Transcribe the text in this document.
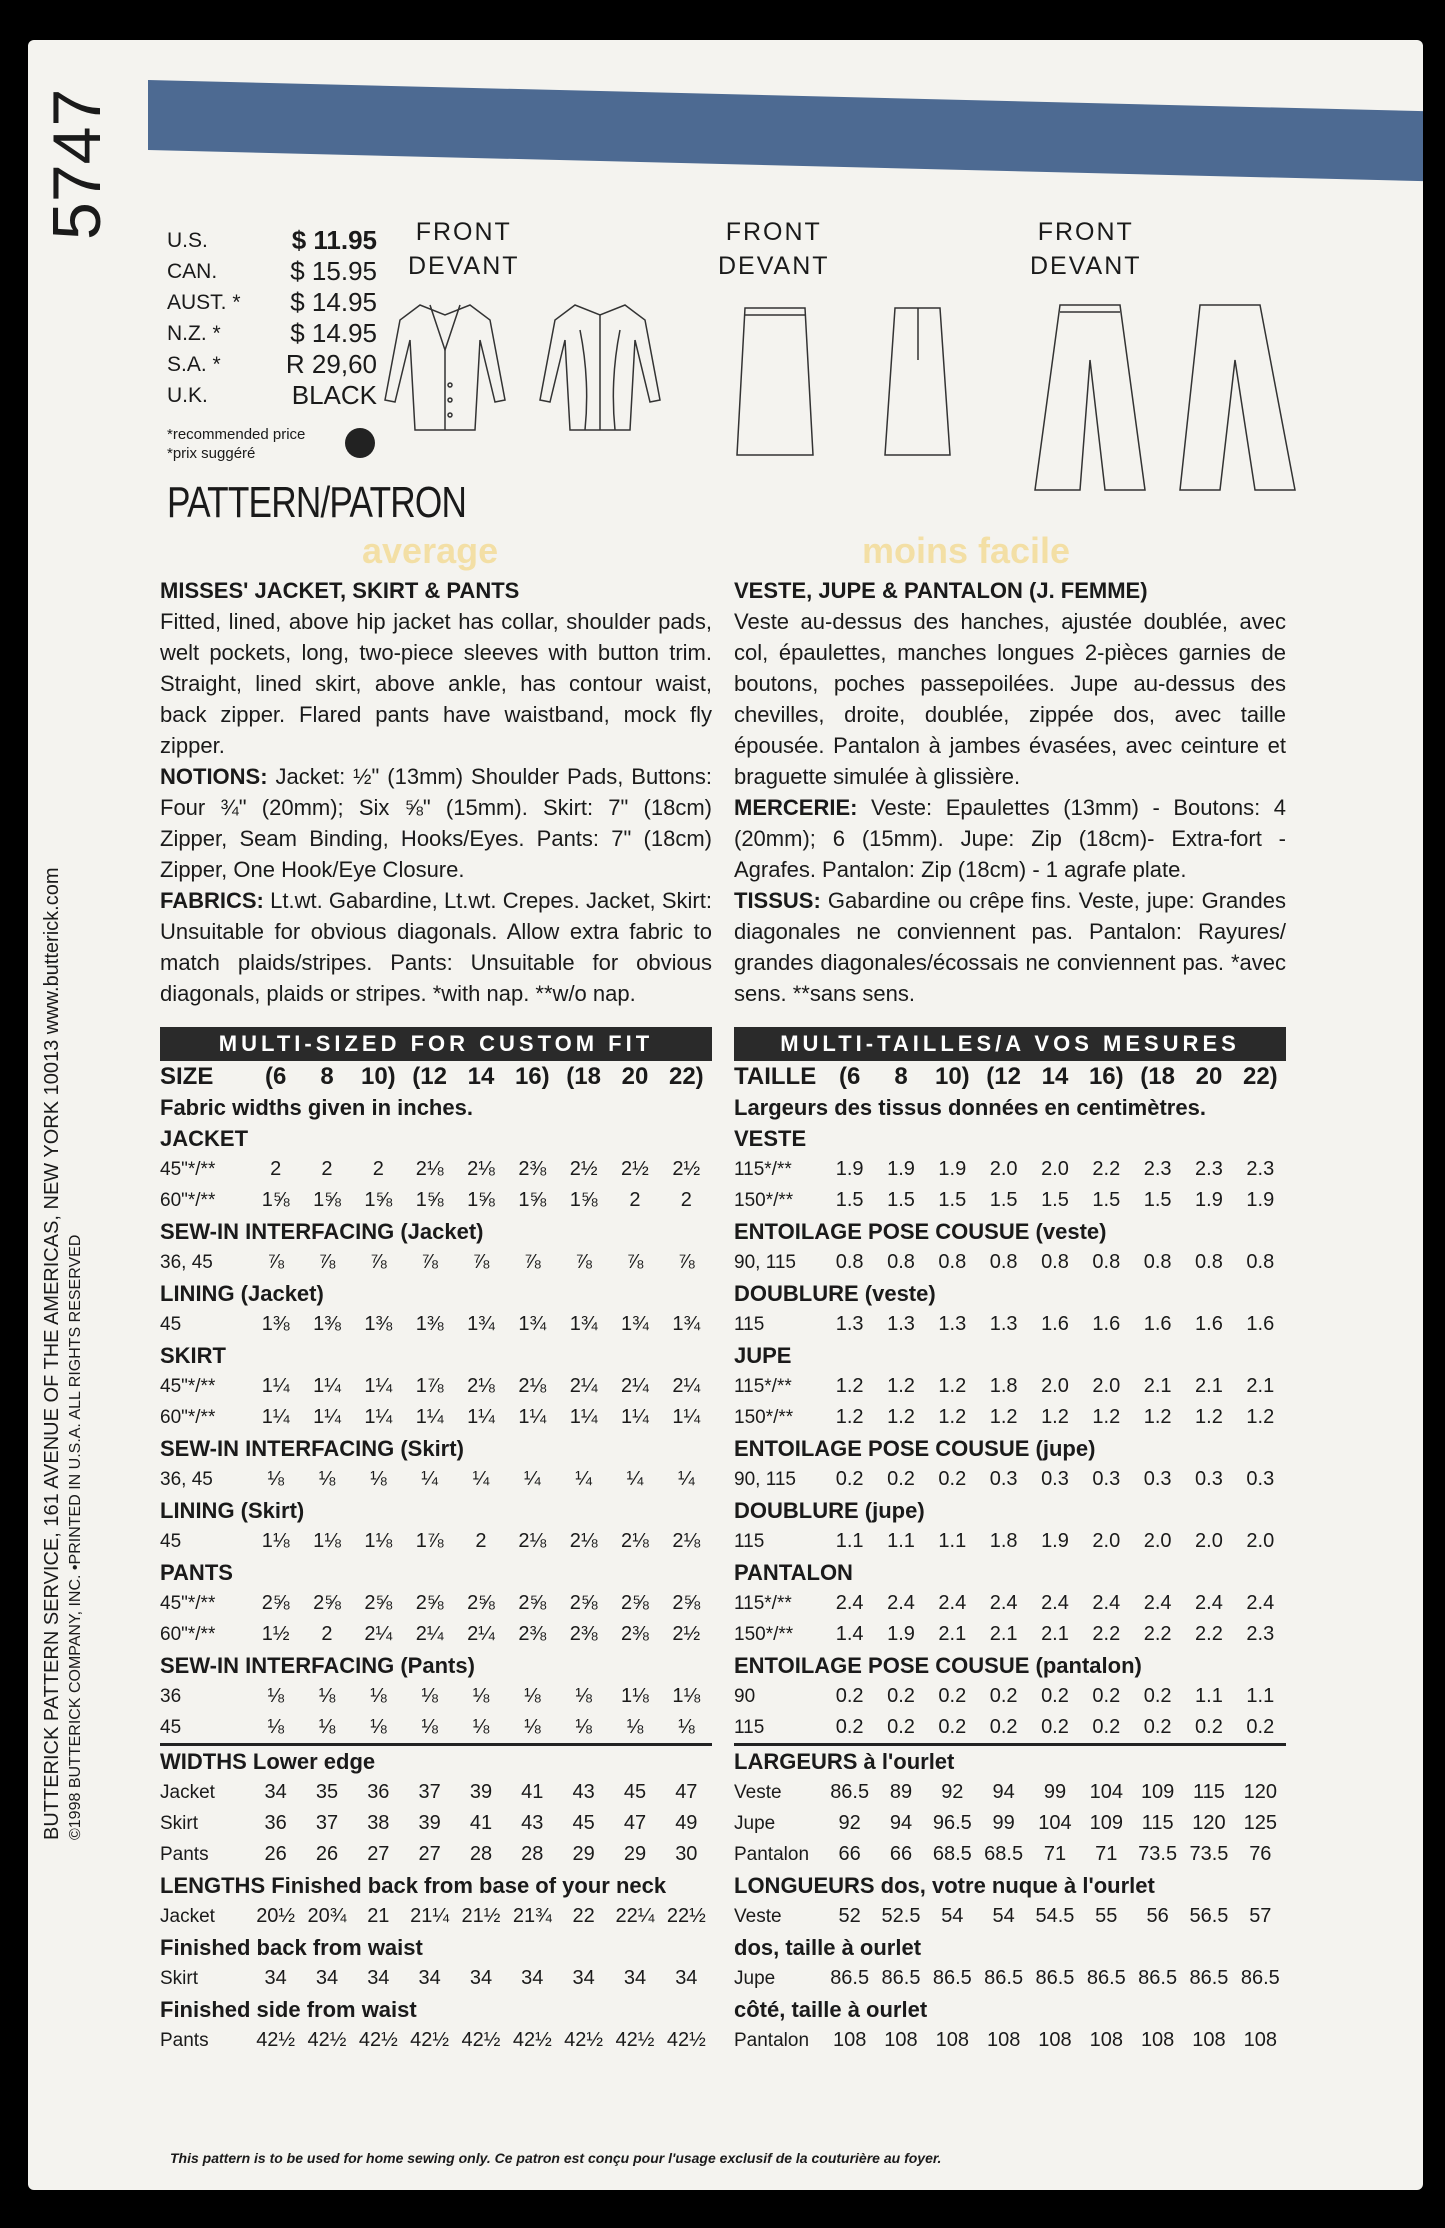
5747
BUTTERICK PATTERN SERVICE, 161 AVENUE OF THE AMERICAS, NEW YORK 10013 www.butterick.com ©1998 BUTTERICK COMPANY, INC. •PRINTED IN U.S.A. ALL RIGHTS RESERVED
U.S.	$ 11.95
CAN.	$ 15.95
AUST. *	$ 14.95
N.Z. *	$ 14.95
S.A. *	R 29,60
U.K.	BLACK
*recommended price
*prix suggéré
PATTERN/PATRON
FRONT
DEVANT
FRONT
DEVANT
FRONT
DEVANT
average	moins facile
MISSES' JACKET, SKIRT & PANTS

Fitted, lined, above hip jacket has collar, shoulder pads, welt pockets, long, two-piece sleeves with button trim. Straight, lined skirt, above ankle, has contour waist, back zipper. Flared pants have waistband, mock fly zipper.

NOTIONS: Jacket: ½" (13mm) Shoulder Pads, Buttons: Four ¾" (20mm); Six ⅝" (15mm). Skirt: 7" (18cm) Zipper, Seam Binding, Hooks/Eyes. Pants: 7" (18cm) Zipper, One Hook/Eye Closure.

FABRICS: Lt.wt. Gabardine, Lt.wt. Crepes. Jacket, Skirt: Unsuitable for obvious diagonals. Allow extra fabric to match plaids/stripes. Pants: Unsuitable for obvious diagonals, plaids or stripes. *with nap. **w/o nap.

MULTI-SIZED FOR CUSTOM FIT
SIZE	(6	8	10)	(12	14	16)	(18	20	22)
Fabric widths given in inches.									
JACKET									
45"*/**	2	2	2	2⅛	2⅛	2⅜	2½	2½	2½
60"*/**	1⅝	1⅝	1⅝	1⅝	1⅝	1⅝	1⅝	2	2
SEW-IN INTERFACING (Jacket)									
36, 45	⅞	⅞	⅞	⅞	⅞	⅞	⅞	⅞	⅞
LINING (Jacket)									
45	1⅜	1⅜	1⅜	1⅜	1¾	1¾	1¾	1¾	1¾
SKIRT									
45"*/**	1¼	1¼	1¼	1⅞	2⅛	2⅛	2¼	2¼	2¼
60"*/**	1¼	1¼	1¼	1¼	1¼	1¼	1¼	1¼	1¼
SEW-IN INTERFACING (Skirt)									
36, 45	⅛	⅛	⅛	¼	¼	¼	¼	¼	¼
LINING (Skirt)									
45	1⅛	1⅛	1⅛	1⅞	2	2⅛	2⅛	2⅛	2⅛
PANTS									
45"*/**	2⅝	2⅝	2⅝	2⅝	2⅝	2⅝	2⅝	2⅝	2⅝
60"*/**	1½	2	2¼	2¼	2¼	2⅜	2⅜	2⅜	2½
SEW-IN INTERFACING (Pants)									
36	⅛	⅛	⅛	⅛	⅛	⅛	⅛	1⅛	1⅛
45	⅛	⅛	⅛	⅛	⅛	⅛	⅛	⅛	⅛
WIDTHS Lower edge									
Jacket	34	35	36	37	39	41	43	45	47
Skirt	36	37	38	39	41	43	45	47	49
Pants	26	26	27	27	28	28	29	29	30
LENGTHS Finished back from base of your neck									
Jacket	20½	20¾	21	21¼	21½	21¾	22	22¼	22½
Finished back from waist									
Skirt	34	34	34	34	34	34	34	34	34
Finished side from waist									
Pants	42½	42½	42½	42½	42½	42½	42½	42½	42½
VESTE, JUPE & PANTALON (J. FEMME)

Veste au-dessus des hanches, ajustée doublée, avec col, épaulettes, manches longues 2-pièces garnies de boutons, poches passepoilées. Jupe au-dessus des chevilles, droite, doublée, zippée dos, avec taille épousée. Pantalon à jambes évasées, avec ceinture et braguette simulée à glissière.

MERCERIE: Veste: Epaulettes (13mm) - Boutons: 4 (20mm); 6 (15mm). Jupe: Zip (18cm)- Extra-fort - Agrafes. Pantalon: Zip (18cm) - 1 agrafe plate.

TISSUS: Gabardine ou crêpe fins. Veste, jupe: Grandes diagonales ne conviennent pas. Pantalon: Rayures/ grandes diagonales/écossais ne conviennent pas. *avec sens. **sans sens.

MULTI-TAILLES/A VOS MESURES
TAILLE	(6	8	10)	(12	14	16)	(18	20	22)
Largeurs des tissus données en centimètres.									
VESTE									
115*/**	1.9	1.9	1.9	2.0	2.0	2.2	2.3	2.3	2.3
150*/**	1.5	1.5	1.5	1.5	1.5	1.5	1.5	1.9	1.9
ENTOILAGE POSE COUSUE (veste)									
90, 115	0.8	0.8	0.8	0.8	0.8	0.8	0.8	0.8	0.8
DOUBLURE (veste)									
115	1.3	1.3	1.3	1.3	1.6	1.6	1.6	1.6	1.6
JUPE									
115*/**	1.2	1.2	1.2	1.8	2.0	2.0	2.1	2.1	2.1
150*/**	1.2	1.2	1.2	1.2	1.2	1.2	1.2	1.2	1.2
ENTOILAGE POSE COUSUE (jupe)									
90, 115	0.2	0.2	0.2	0.3	0.3	0.3	0.3	0.3	0.3
DOUBLURE (jupe)									
115	1.1	1.1	1.1	1.8	1.9	2.0	2.0	2.0	2.0
PANTALON									
115*/**	2.4	2.4	2.4	2.4	2.4	2.4	2.4	2.4	2.4
150*/**	1.4	1.9	2.1	2.1	2.1	2.2	2.2	2.2	2.3
ENTOILAGE POSE COUSUE (pantalon)									
90	0.2	0.2	0.2	0.2	0.2	0.2	0.2	1.1	1.1
115	0.2	0.2	0.2	0.2	0.2	0.2	0.2	0.2	0.2
LARGEURS à l'ourlet									
Veste	86.5	89	92	94	99	104	109	115	120
Jupe	92	94	96.5	99	104	109	115	120	125
Pantalon	66	66	68.5	68.5	71	71	73.5	73.5	76
LONGUEURS dos, votre nuque à l'ourlet									
Veste	52	52.5	54	54	54.5	55	56	56.5	57
dos, taille à ourlet									
Jupe	86.5	86.5	86.5	86.5	86.5	86.5	86.5	86.5	86.5
côté, taille à ourlet									
Pantalon	108	108	108	108	108	108	108	108	108
This pattern is to be used for home sewing only. Ce patron est conçu pour l'usage exclusif de la couturière au foyer.
